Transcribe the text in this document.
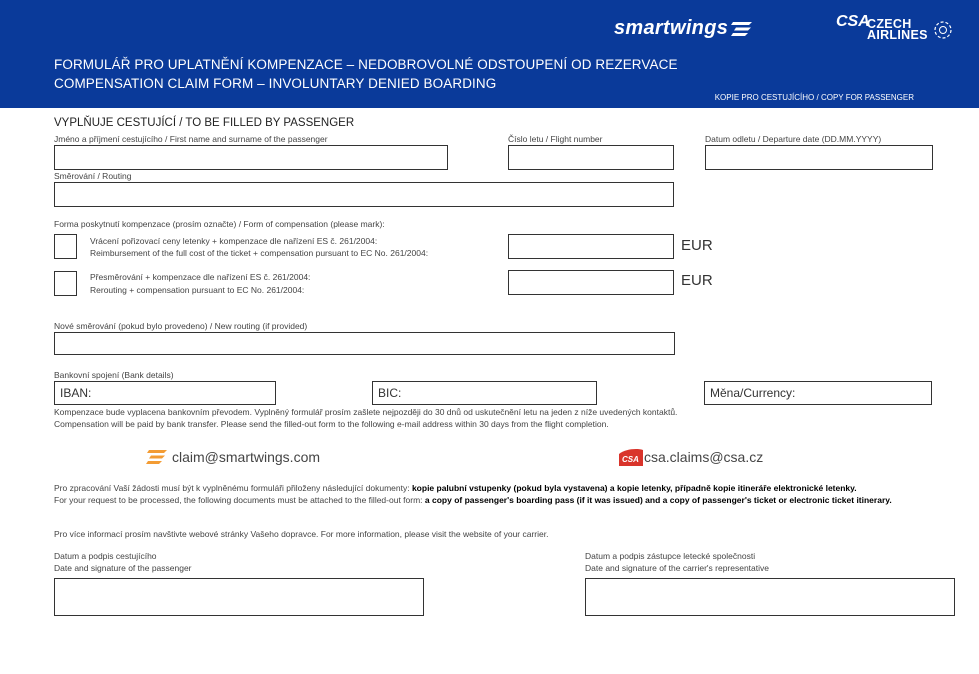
smartwings	CSA
CZECH
AIRLINES
FORMULÁŘ PRO UPLATNĚNÍ KOMPENZACE – NEDOBROVOLNÉ ODSTOUPENÍ OD REZERVACE
COMPENSATION CLAIM FORM – INVOLUNTARY DENIED BOARDING
KOPIE PRO CESTUJÍCÍHO / COPY FOR PASSENGER
VYPLŇUJE CESTUJÍCÍ / TO BE FILLED BY PASSENGER
Jméno a příjmení cestujícího / First name and surname of the passenger	Číslo letu / Flight number	Datum odletu / Departure date (DD.MM.YYYY)
Směrování / Routing
Forma poskytnutí kompenzace (prosím označte) / Form of compensation (please mark):
Vrácení pořizovací ceny letenky + kompenzace dle nařízení ES č. 261/2004:
Reimbursement of the full cost of the ticket + compensation pursuant to EC No. 261/2004:	EUR
Přesměrování + kompenzace dle nařízení ES č. 261/2004:
Rerouting + compensation pursuant to EC No. 261/2004:
EUR
Nové směrování (pokud bylo provedeno) / New routing (if provided)
Bankovní spojení (Bank details)
IBAN:	BIC:	Měna/Currency:
Kompenzace bude vyplacena bankovním převodem. Vyplněný formulář prosím zašlete nejpozději do 30 dnů od uskutečnění letu na jeden z níže uvedených kontaktů.
Compensation will be paid by bank transfer. Please send the filled-out form to the following e-mail address within 30 days from the flight completion.
claim@smartwings.com	CSA csa.claims@csa.cz
Pro zpracování Vaší žádosti musí být k vyplněnému formuláři přiloženy následující dokumenty: kopie palubní vstupenky (pokud byla vystavena) a kopie letenky, případně kopie itineráře elektronické letenky.
For your request to be processed, the following documents must be attached to the filled-out form: a copy of passenger's boarding pass (if it was issued) and a copy of passenger's ticket or electronic ticket itinerary.
Pro více informací prosím navštivte webové stránky Vašeho dopravce. For more information, please visit the website of your carrier.
Datum a podpis cestujícího
Date and signature of the passenger
Datum a podpis zástupce letecké společnosti
Date and signature of the carrier's representative
